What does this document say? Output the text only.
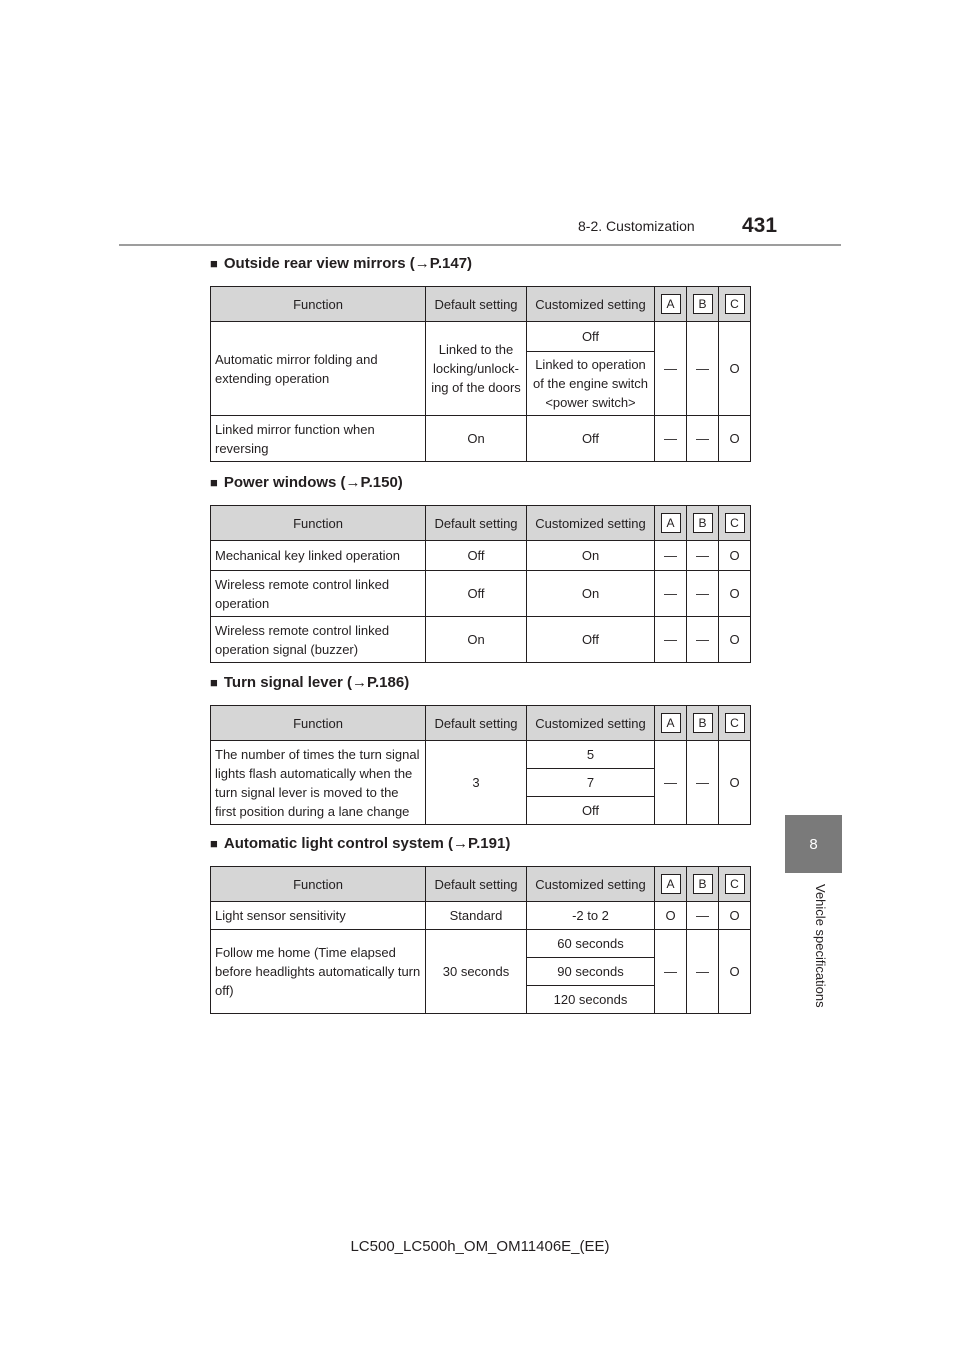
8-2. Customization 431
8
Vehicle specifications
■ Outside rear view mirrors (→P.147)
Function	Default setting	Customized setting	A	B	C
Automatic mirror folding and extending operation	Linked to the locking/unlock-ing of the doors	Off	—	—	O
		Linked to operation of the engine switch <power switch>			
Linked mirror function when reversing	On	Off	—	—	O
■ Power windows (→P.150)
Function	Default setting	Customized setting	A	B	C
Mechanical key linked operation	Off	On	—	—	O
Wireless remote control linked operation	Off	On	—	—	O
Wireless remote control linked operation signal (buzzer)	On	Off	—	—	O
■ Turn signal lever (→P.186)
Function	Default setting	Customized setting	A	B	C
The number of times the turn signal lights flash automatically when the turn signal lever is moved to the first position during a lane change	3	5	—	—	O
		7			
		Off			
■ Automatic light control system (→P.191)
Function	Default setting	Customized setting	A	B	C
Light sensor sensitivity	Standard	-2 to 2	O	—	O
Follow me home (Time elapsed before headlights automatically turn off)	30 seconds	60 seconds	—	—	O
		90 seconds			
		120 seconds			
LC500_LC500h_OM_OM11406E_(EE)
